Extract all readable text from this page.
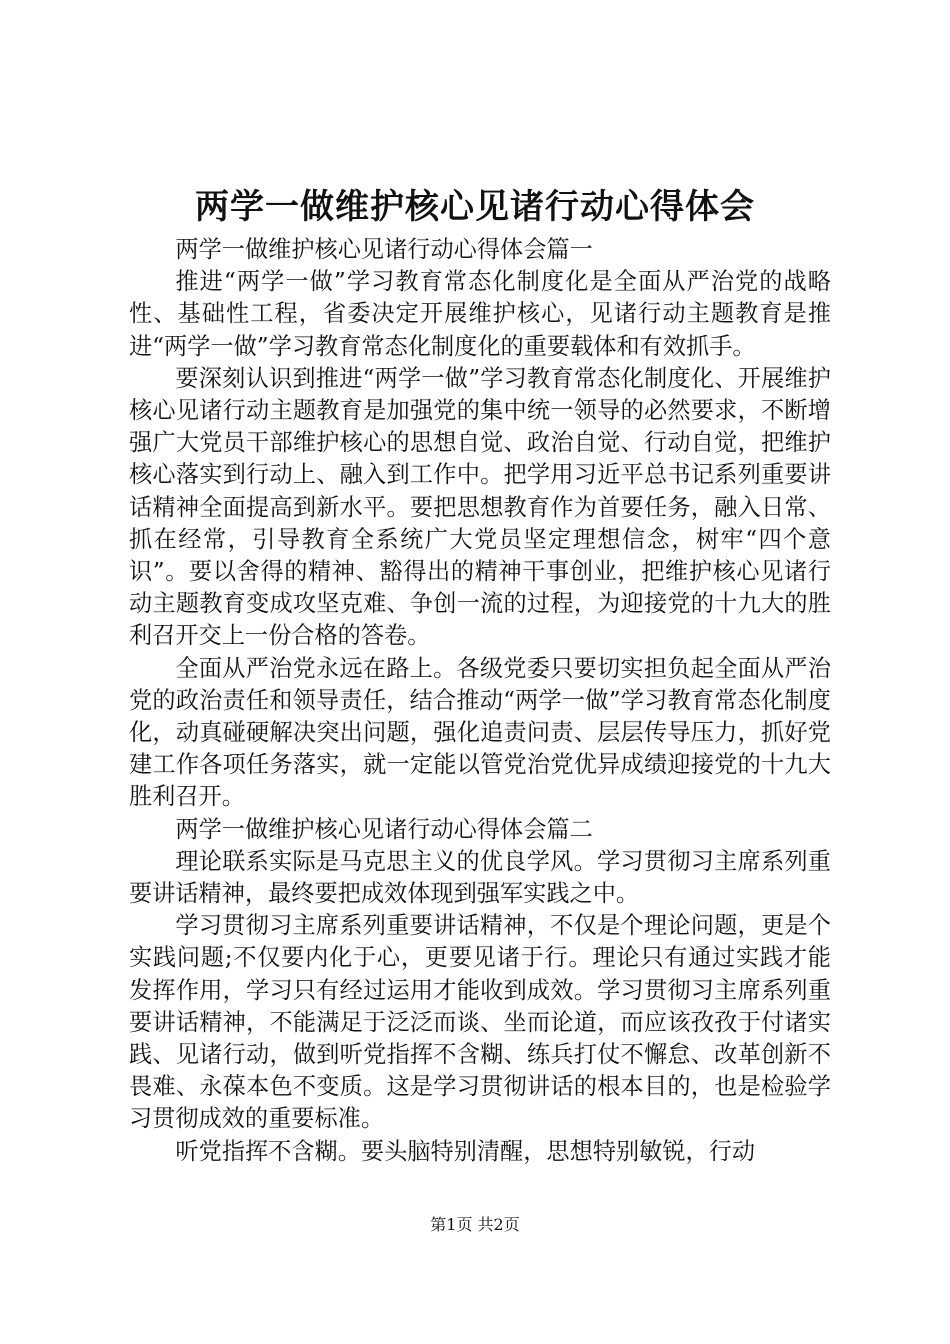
两学一做维护核心见诸行动心得体会

两学一做维护核心见诸行动心得体会篇一

推进“两学一做”学习教育常态化制度化是全面从严治党的战略性、基础性工程，省委决定开展维护核心，见诸行动主题教育是推进“两学一做”学习教育常态化制度化的重要载体和有效抓手。

要深刻认识到推进“两学一做”学习教育常态化制度化、开展维护核心见诸行动主题教育是加强党的集中统一领导的必然要求，不断增强广大党员干部维护核心的思想自觉、政治自觉、行动自觉，把维护核心落实到行动上、融入到工作中。把学用习近平总书记系列重要讲话精神全面提高到新水平。要把思想教育作为首要任务，融入日常、抓在经常，引导教育全系统广大党员坚定理想信念，树牢“四个意识”。要以舍得的精神、豁得出的精神干事创业，把维护核心见诸行动主题教育变成攻坚克难、争创一流的过程，为迎接党的十九大的胜利召开交上一份合格的答卷。

全面从严治党永远在路上。各级党委只要切实担负起全面从严治党的政治责任和领导责任，结合推动“两学一做”学习教育常态化制度化，动真碰硬解决突出问题，强化追责问责、层层传导压力，抓好党建工作各项任务落实，就一定能以管党治党优异成绩迎接党的十九大胜利召开。

两学一做维护核心见诸行动心得体会篇二

理论联系实际是马克思主义的优良学风。学习贯彻习主席系列重要讲话精神，最终要把成效体现到强军实践之中。

学习贯彻习主席系列重要讲话精神，不仅是个理论问题，更是个实践问题;不仅要内化于心，更要见诸于行。理论只有通过实践才能发挥作用，学习只有经过运用才能收到成效。学习贯彻习主席系列重要讲话精神，不能满足于泛泛而谈、坐而论道，而应该孜孜于付诸实践、见诸行动，做到听党指挥不含糊、练兵打仗不懈怠、改革创新不畏难、永葆本色不变质。这是学习贯彻讲话的根本目的，也是检验学习贯彻成效的重要标准。

听党指挥不含糊。要头脑特别清醒，思想特别敏锐，行动

第1页 共2页
